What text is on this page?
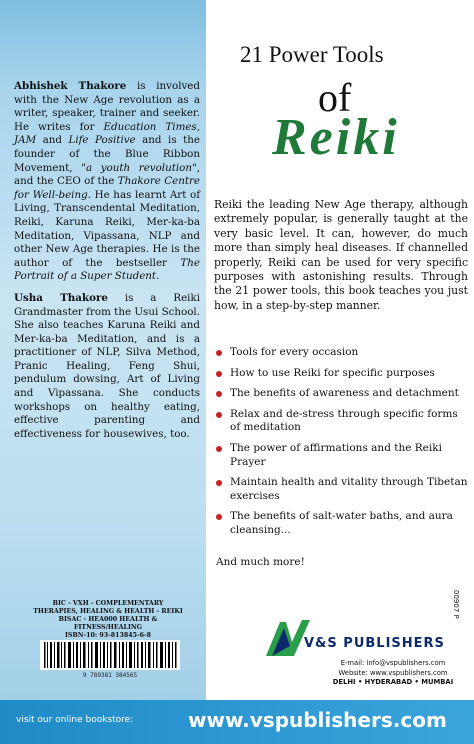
Abhishek Thakore is involved with the New Age revolution as a writer, speaker, trainer and seeker. He writes for Education Times, JAM and Life Positive and is the founder of the Blue Ribbon Movement, "a youth revolution", and the CEO of the Thakore Centre for Well-being. He has learnt Art of Living, Transcendental Meditation, Reiki, Karuna Reiki, Mer-ka-ba Meditation, Vipassana, NLP and other New Age therapies. He is the author of the bestseller The Portrait of a Super Student.

Usha Thakore is a Reiki Grandmaster from the Usui School. She also teaches Karuna Reiki and Mer-ka-ba Meditation, and is a practitioner of NLP, Silva Method, Pranic Healing, Feng Shui, pendulum dowsing, Art of Living and Vipassana. She conducts workshops on healthy eating, effective parenting and effectiveness for housewives, too.

BIC - VXH - COMPLEMENTARY
THERAPIES, HEALING & HEALTH - REIKI
BISAC - HEA000 HEALTH &
FITNESS/HEALING
ISBN-10: 93-813845-6-8
9 789381 384565
21 Power Tools
of
Reiki
Reiki the leading New Age therapy, although extremely popular, is generally taught at the very basic level. It can, however, do much more than simply heal diseases. If channelled properly, Reiki can be used for very specific purposes with astonishing results. Through the 21 power tools, this book teaches you just how, in a step-by-step manner.
Tools for every occasion
How to use Reiki for specific purposes
The benefits of awareness and detachment
Relax and de-stress through specific forms of meditation
The power of affirmations and the Reiki Prayer
Maintain health and vitality through Tibetan exercises
The benefits of salt-water baths, and aura cleansing...
And much more!
00907 P
V&S PUBLISHERS
E-mail: info@vspublishers.com
Website: www.vspublishers.com
DELHI • HYDERABAD • MUMBAI
visit our online bookstore:	www.vspublishers.com
